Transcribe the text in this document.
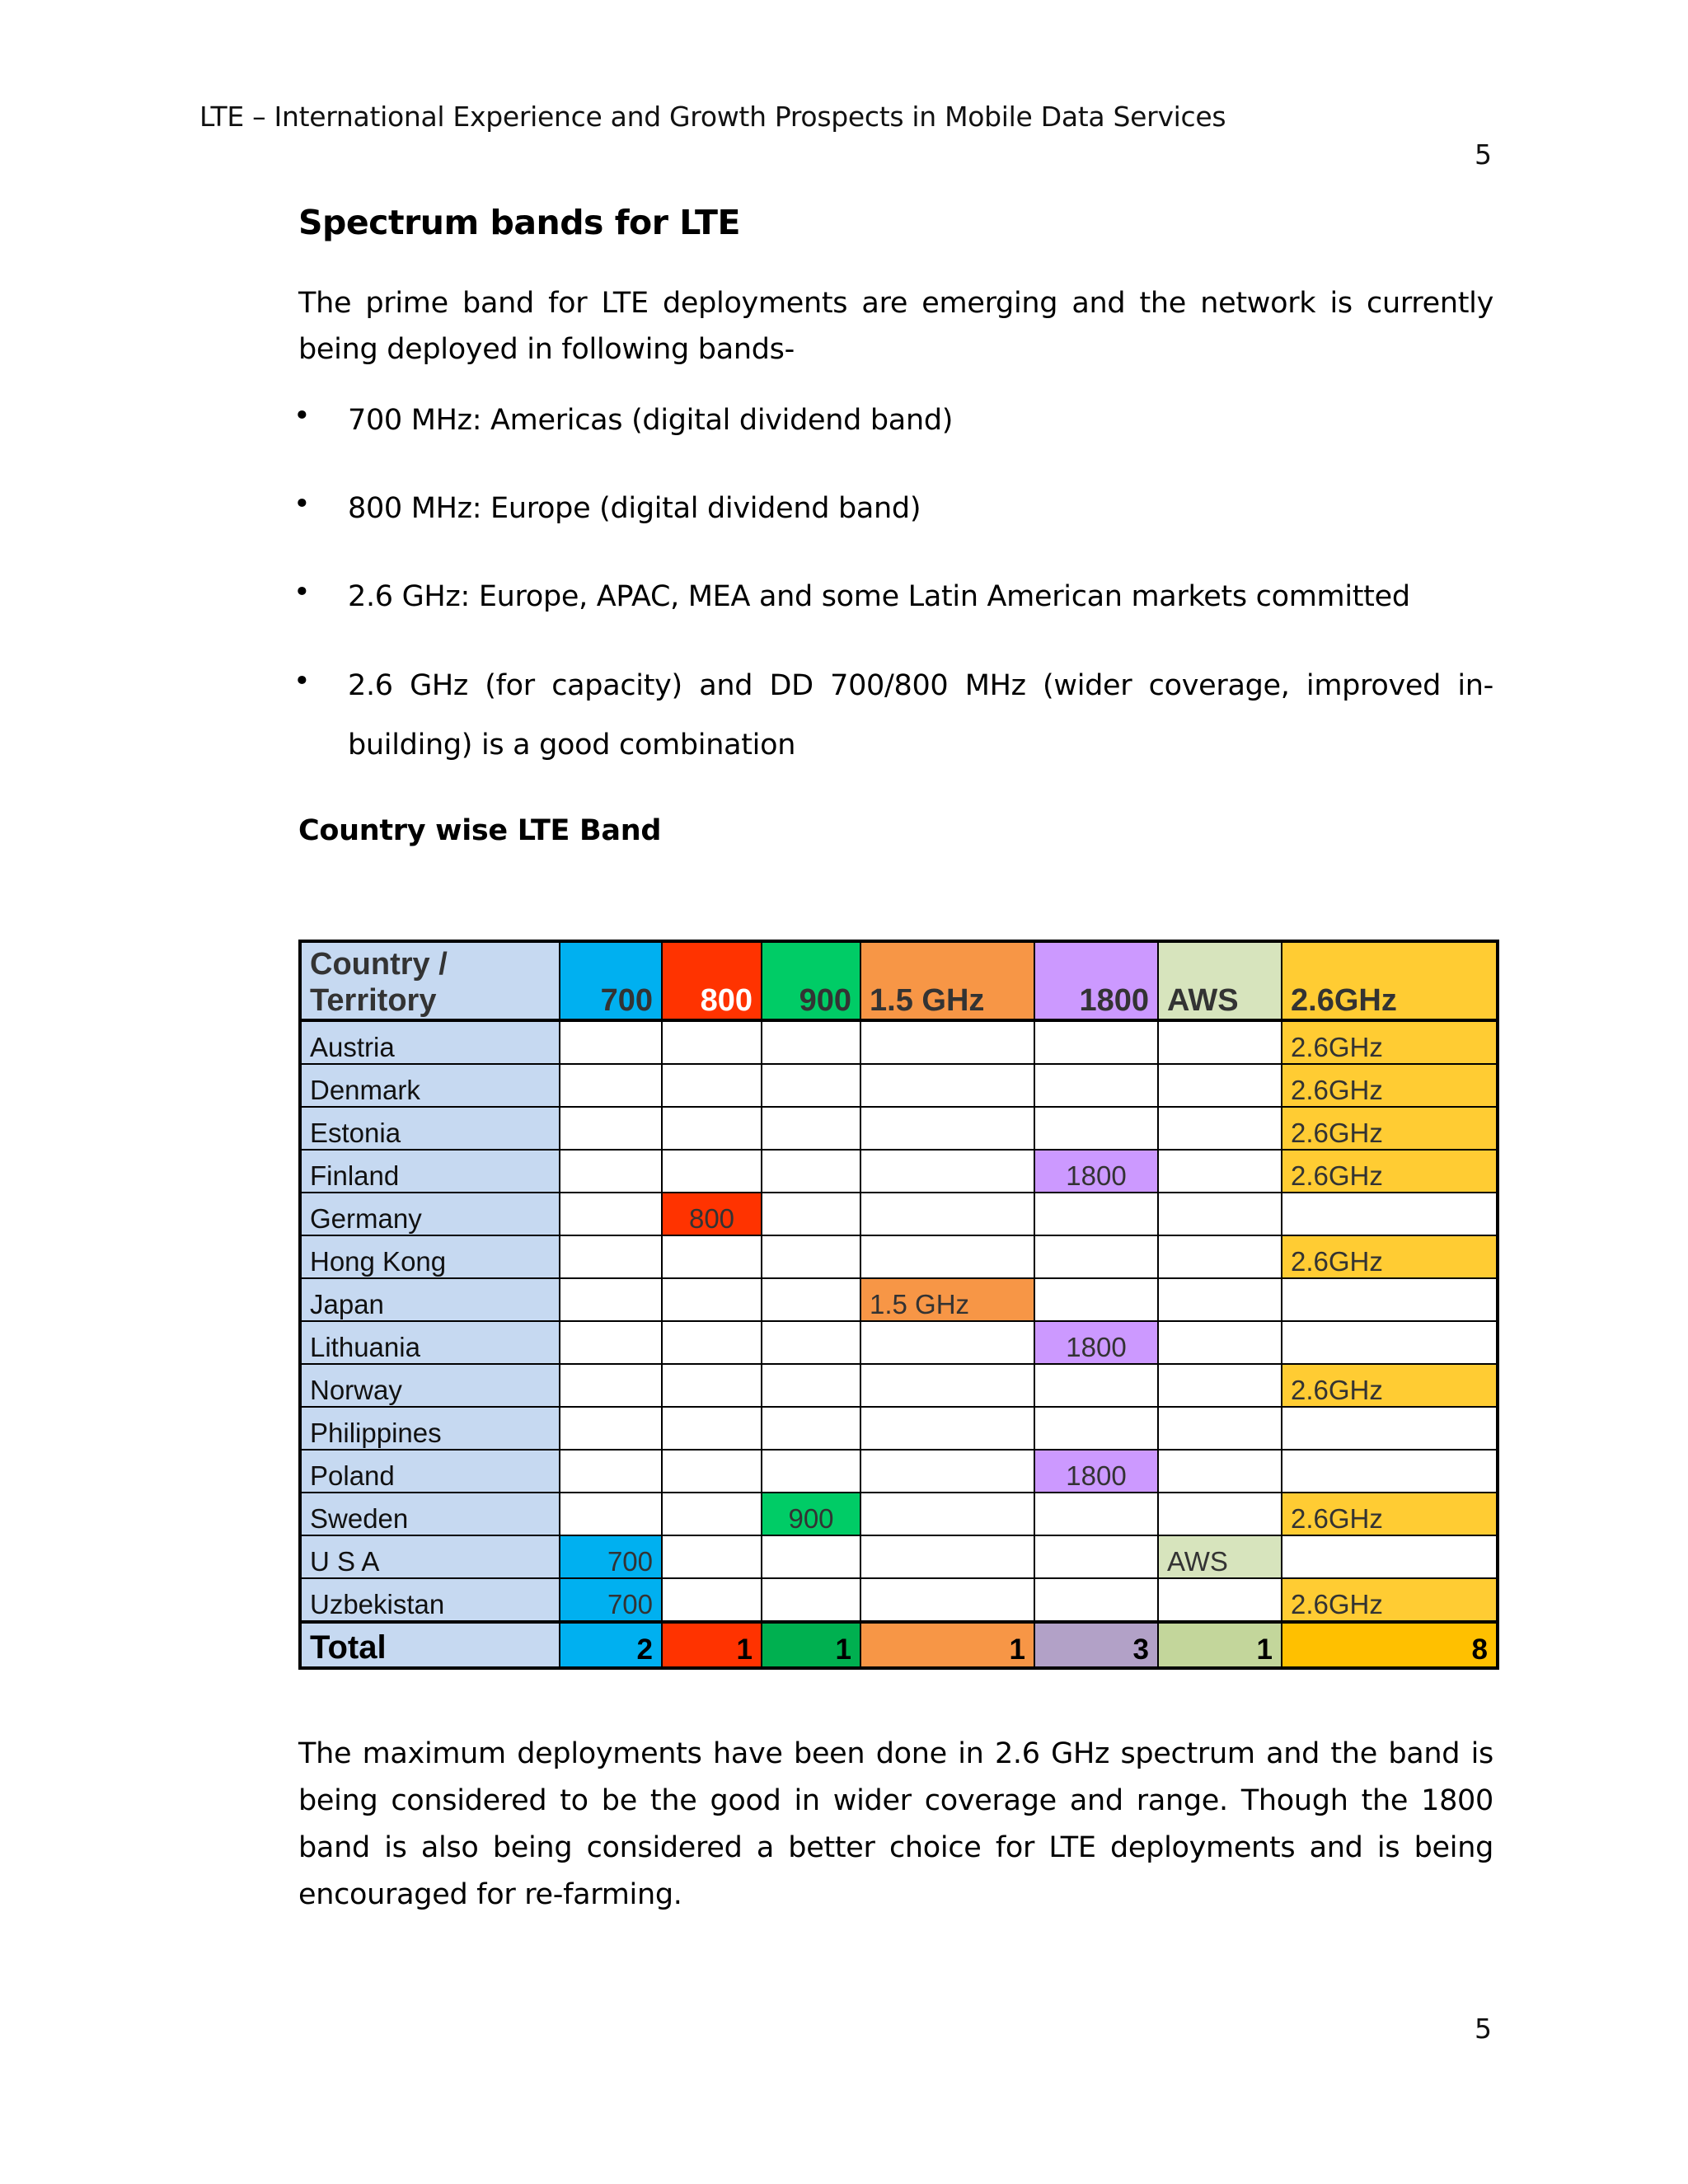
LTE – International Experience and Growth Prospects in Mobile Data Services
5
Spectrum bands for LTE
The prime band for LTE deployments are emerging and the network is currently being deployed in following bands-
• 700 MHz: Americas (digital dividend band)
• 800 MHz: Europe (digital dividend band)
• 2.6 GHz: Europe, APAC, MEA and some Latin American markets committed
• 2.6 GHz (for capacity) and DD 700/800 MHz (wider coverage, improved in-building) is a good combination
Country wise LTE Band
Country / Territory	700	800	900	1.5 GHz	1800	AWS	2.6GHz
Austria							2.6GHz
Denmark							2.6GHz
Estonia							2.6GHz
Finland					1800		2.6GHz
Germany		800					
Hong Kong							2.6GHz
Japan				1.5 GHz			
Lithuania					1800		
Norway							2.6GHz
Philippines							
Poland					1800		
Sweden			900				2.6GHz
U S A	700					AWS	
Uzbekistan	700						2.6GHz
Total	2	1	1	1	3	1	8
The maximum deployments have been done in 2.6 GHz spectrum and the band is being considered to be the good in wider coverage and range. Though the 1800 band is also being considered a better choice for LTE deployments and is being encouraged for re-farming.
5
